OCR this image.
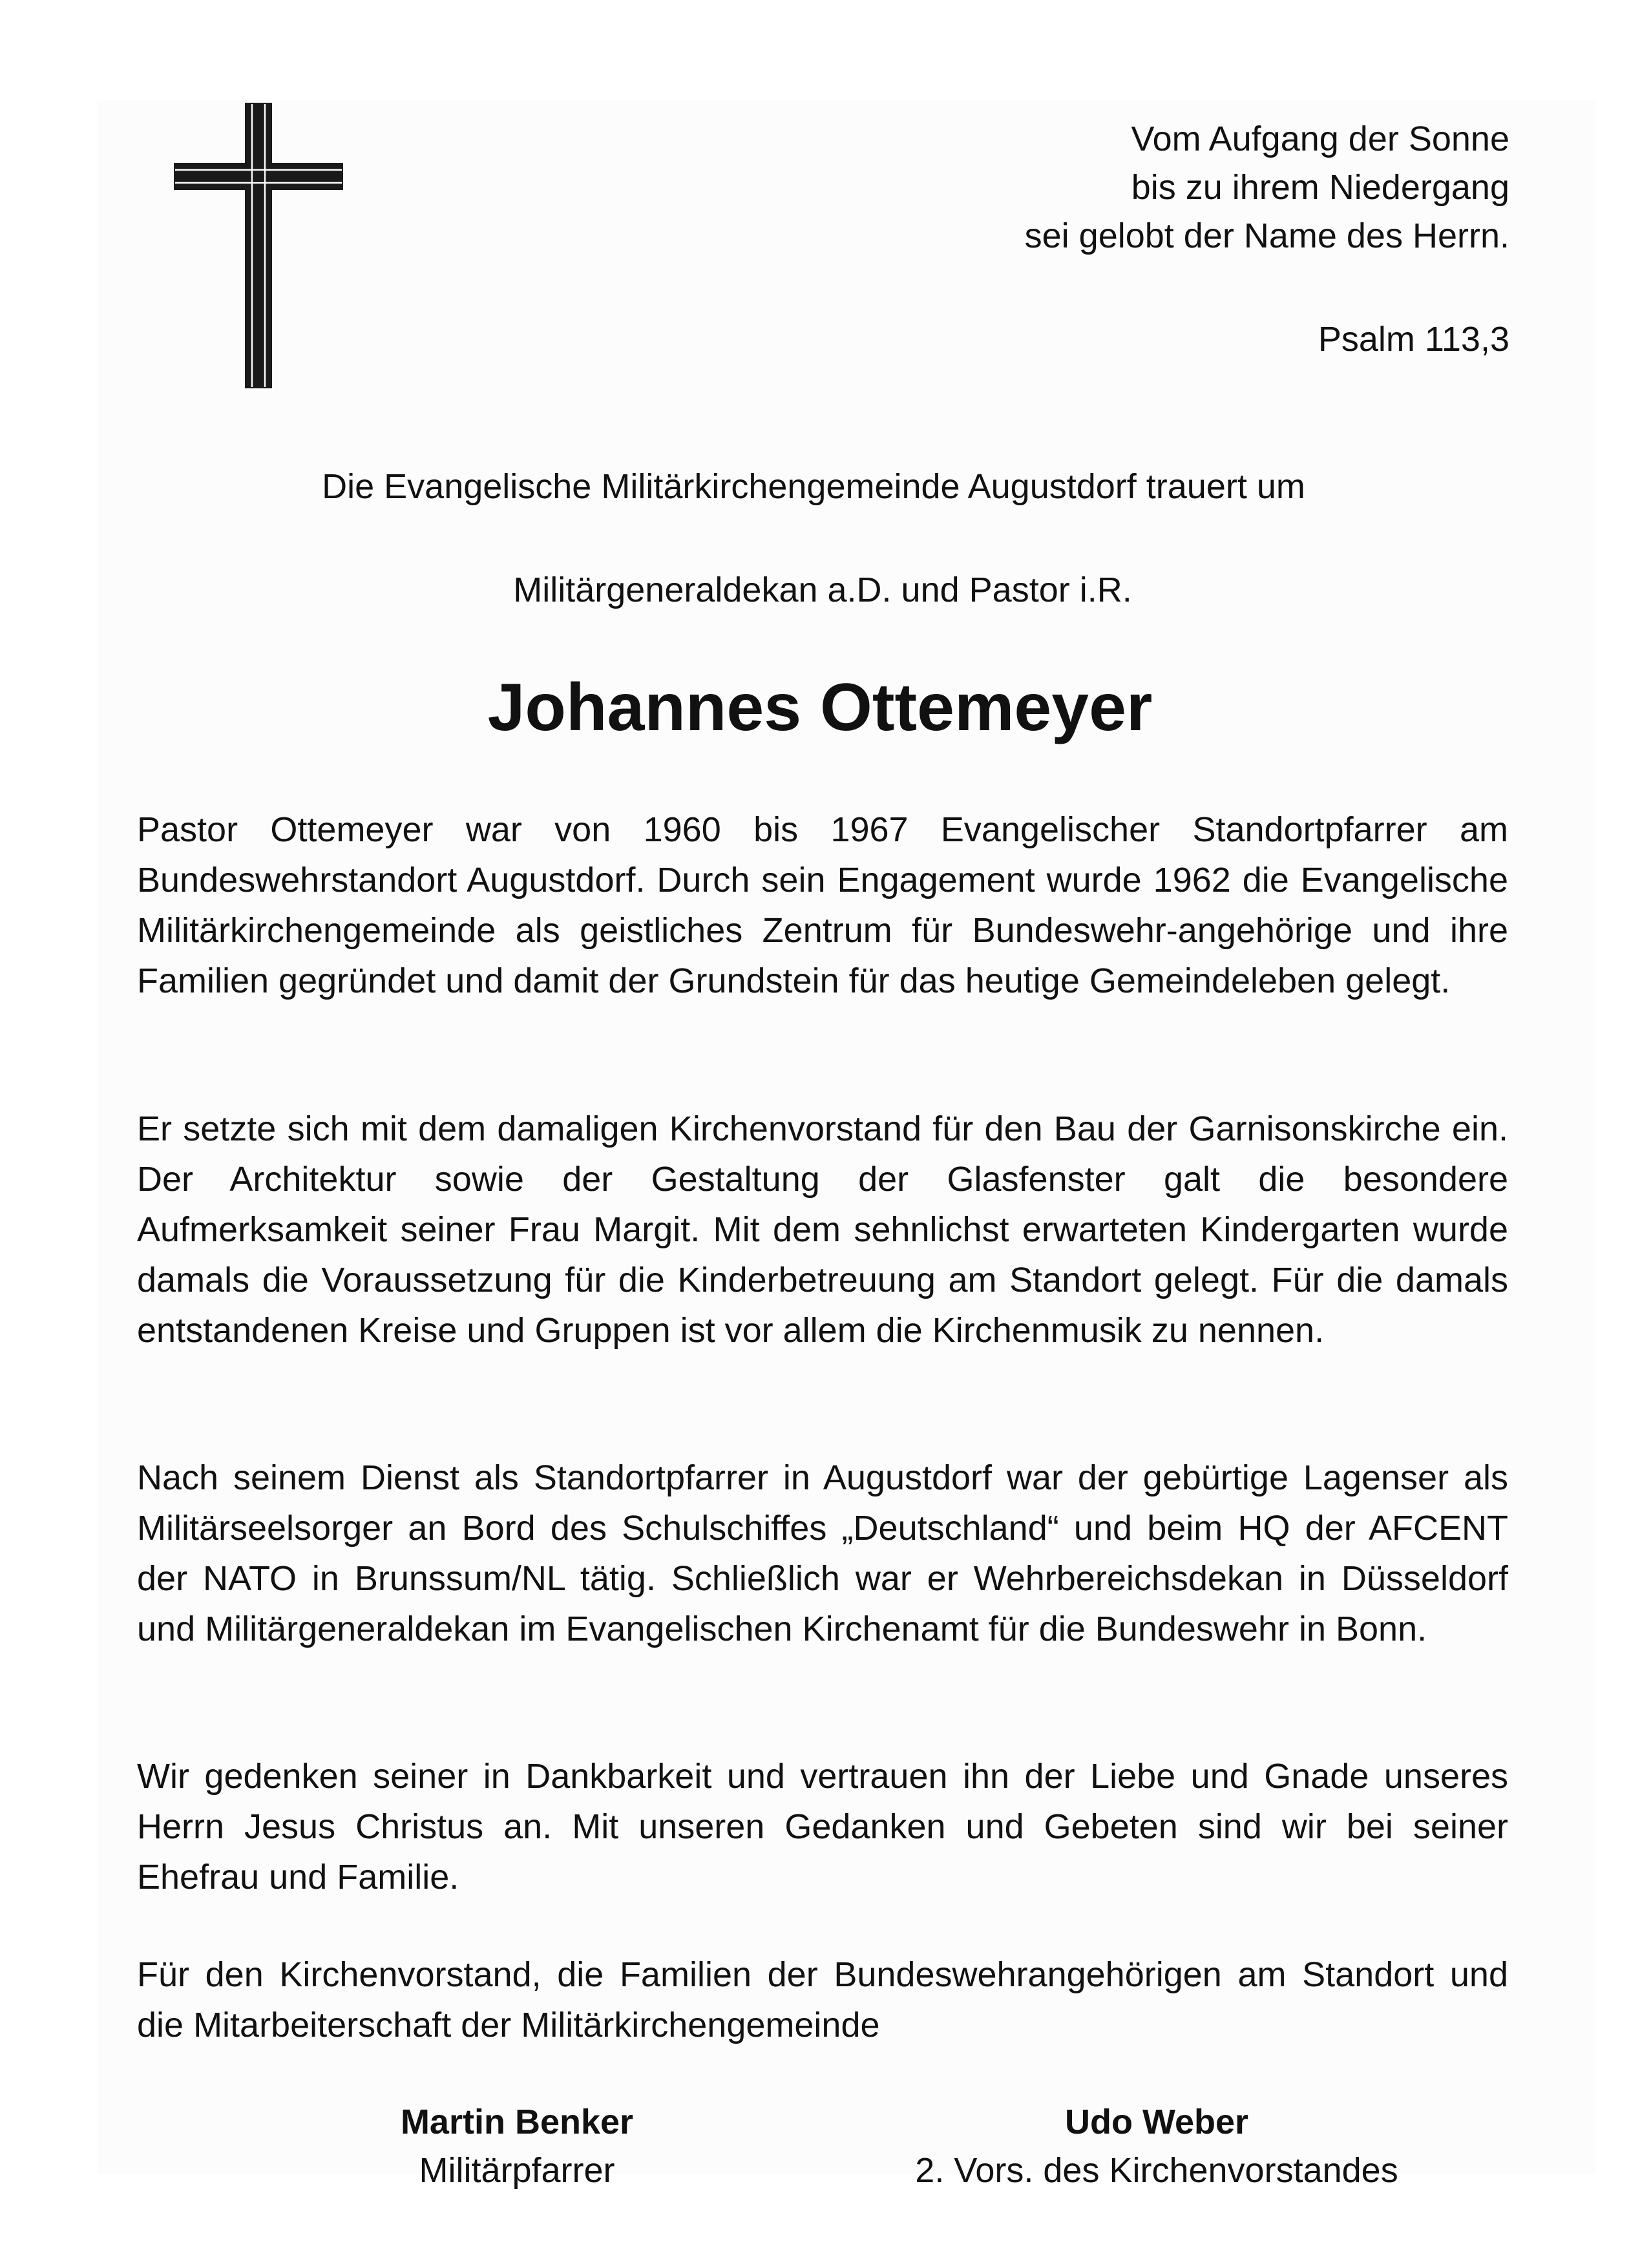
Vom Aufgang der Sonne
bis zu ihrem Niedergang
sei gelobt der Name des Herrn.
Psalm 113,3
Die Evangelische Militärkirchengemeinde Augustdorf trauert um
Militärgeneraldekan a.D. und Pastor i.R.
Johannes Ottemeyer

Pastor Ottemeyer war von 1960 bis 1967 Evangelischer Standortpfarrer am Bundeswehrstandort Augustdorf. Durch sein Engagement wurde 1962 die Evangelische Militärkirchengemeinde als geistliches Zentrum für Bundeswehr-angehörige und ihre Familien gegründet und damit der Grundstein für das heutige Gemeindeleben gelegt.

Er setzte sich mit dem damaligen Kirchenvorstand für den Bau der Garnisonskirche ein. Der Architektur sowie der Gestaltung der Glasfenster galt die besondere Aufmerksamkeit seiner Frau Margit. Mit dem sehnlichst erwarteten Kindergarten wurde damals die Voraussetzung für die Kinderbetreuung am Standort gelegt. Für die damals entstandenen Kreise und Gruppen ist vor allem die Kirchenmusik zu nennen.

Nach seinem Dienst als Standortpfarrer in Augustdorf war der gebürtige Lagenser als Militärseelsorger an Bord des Schulschiffes „Deutschland“ und beim HQ der AFCENT der NATO in Brunssum/NL tätig. Schließlich war er Wehrbereichsdekan in Düsseldorf und Militärgeneraldekan im Evangelischen Kirchenamt für die Bundeswehr in Bonn.

Wir gedenken seiner in Dankbarkeit und vertrauen ihn der Liebe und Gnade unseres Herrn Jesus Christus an. Mit unseren Gedanken und Gebeten sind wir bei seiner Ehefrau und Familie.

Für den Kirchenvorstand, die Familien der Bundeswehrangehörigen am Standort und die Mitarbeiterschaft der Militärkirchengemeinde

Martin Benker
Militärpfarrer
Udo Weber
2. Vors. des Kirchenvorstandes
